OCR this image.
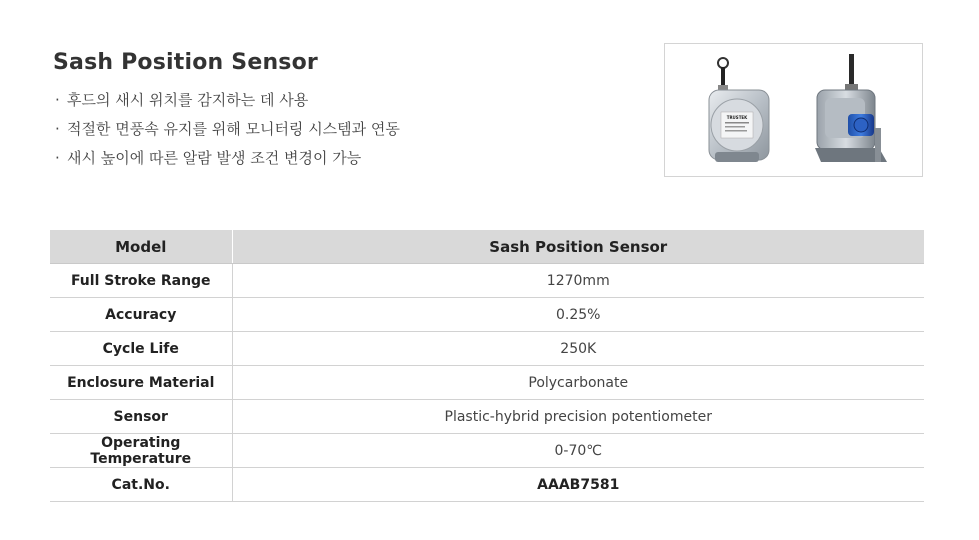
Sash Position Sensor
· 후드의 새시 위치를 감지하는 데 사용
· 적절한 면풍속 유지를 위해 모니터링 시스템과 연동
· 새시 높이에 따른 알람 발생 조건 변경이 가능
TRUSTEK
Model	Sash Position Sensor
Full Stroke Range	1270mm
Accuracy	0.25%
Cycle Life	250K
Enclosure Material	Polycarbonate
Sensor	Plastic-hybrid precision potentiometer
Operating Temperature	0-70℃
Cat.No.	AAAB7581
